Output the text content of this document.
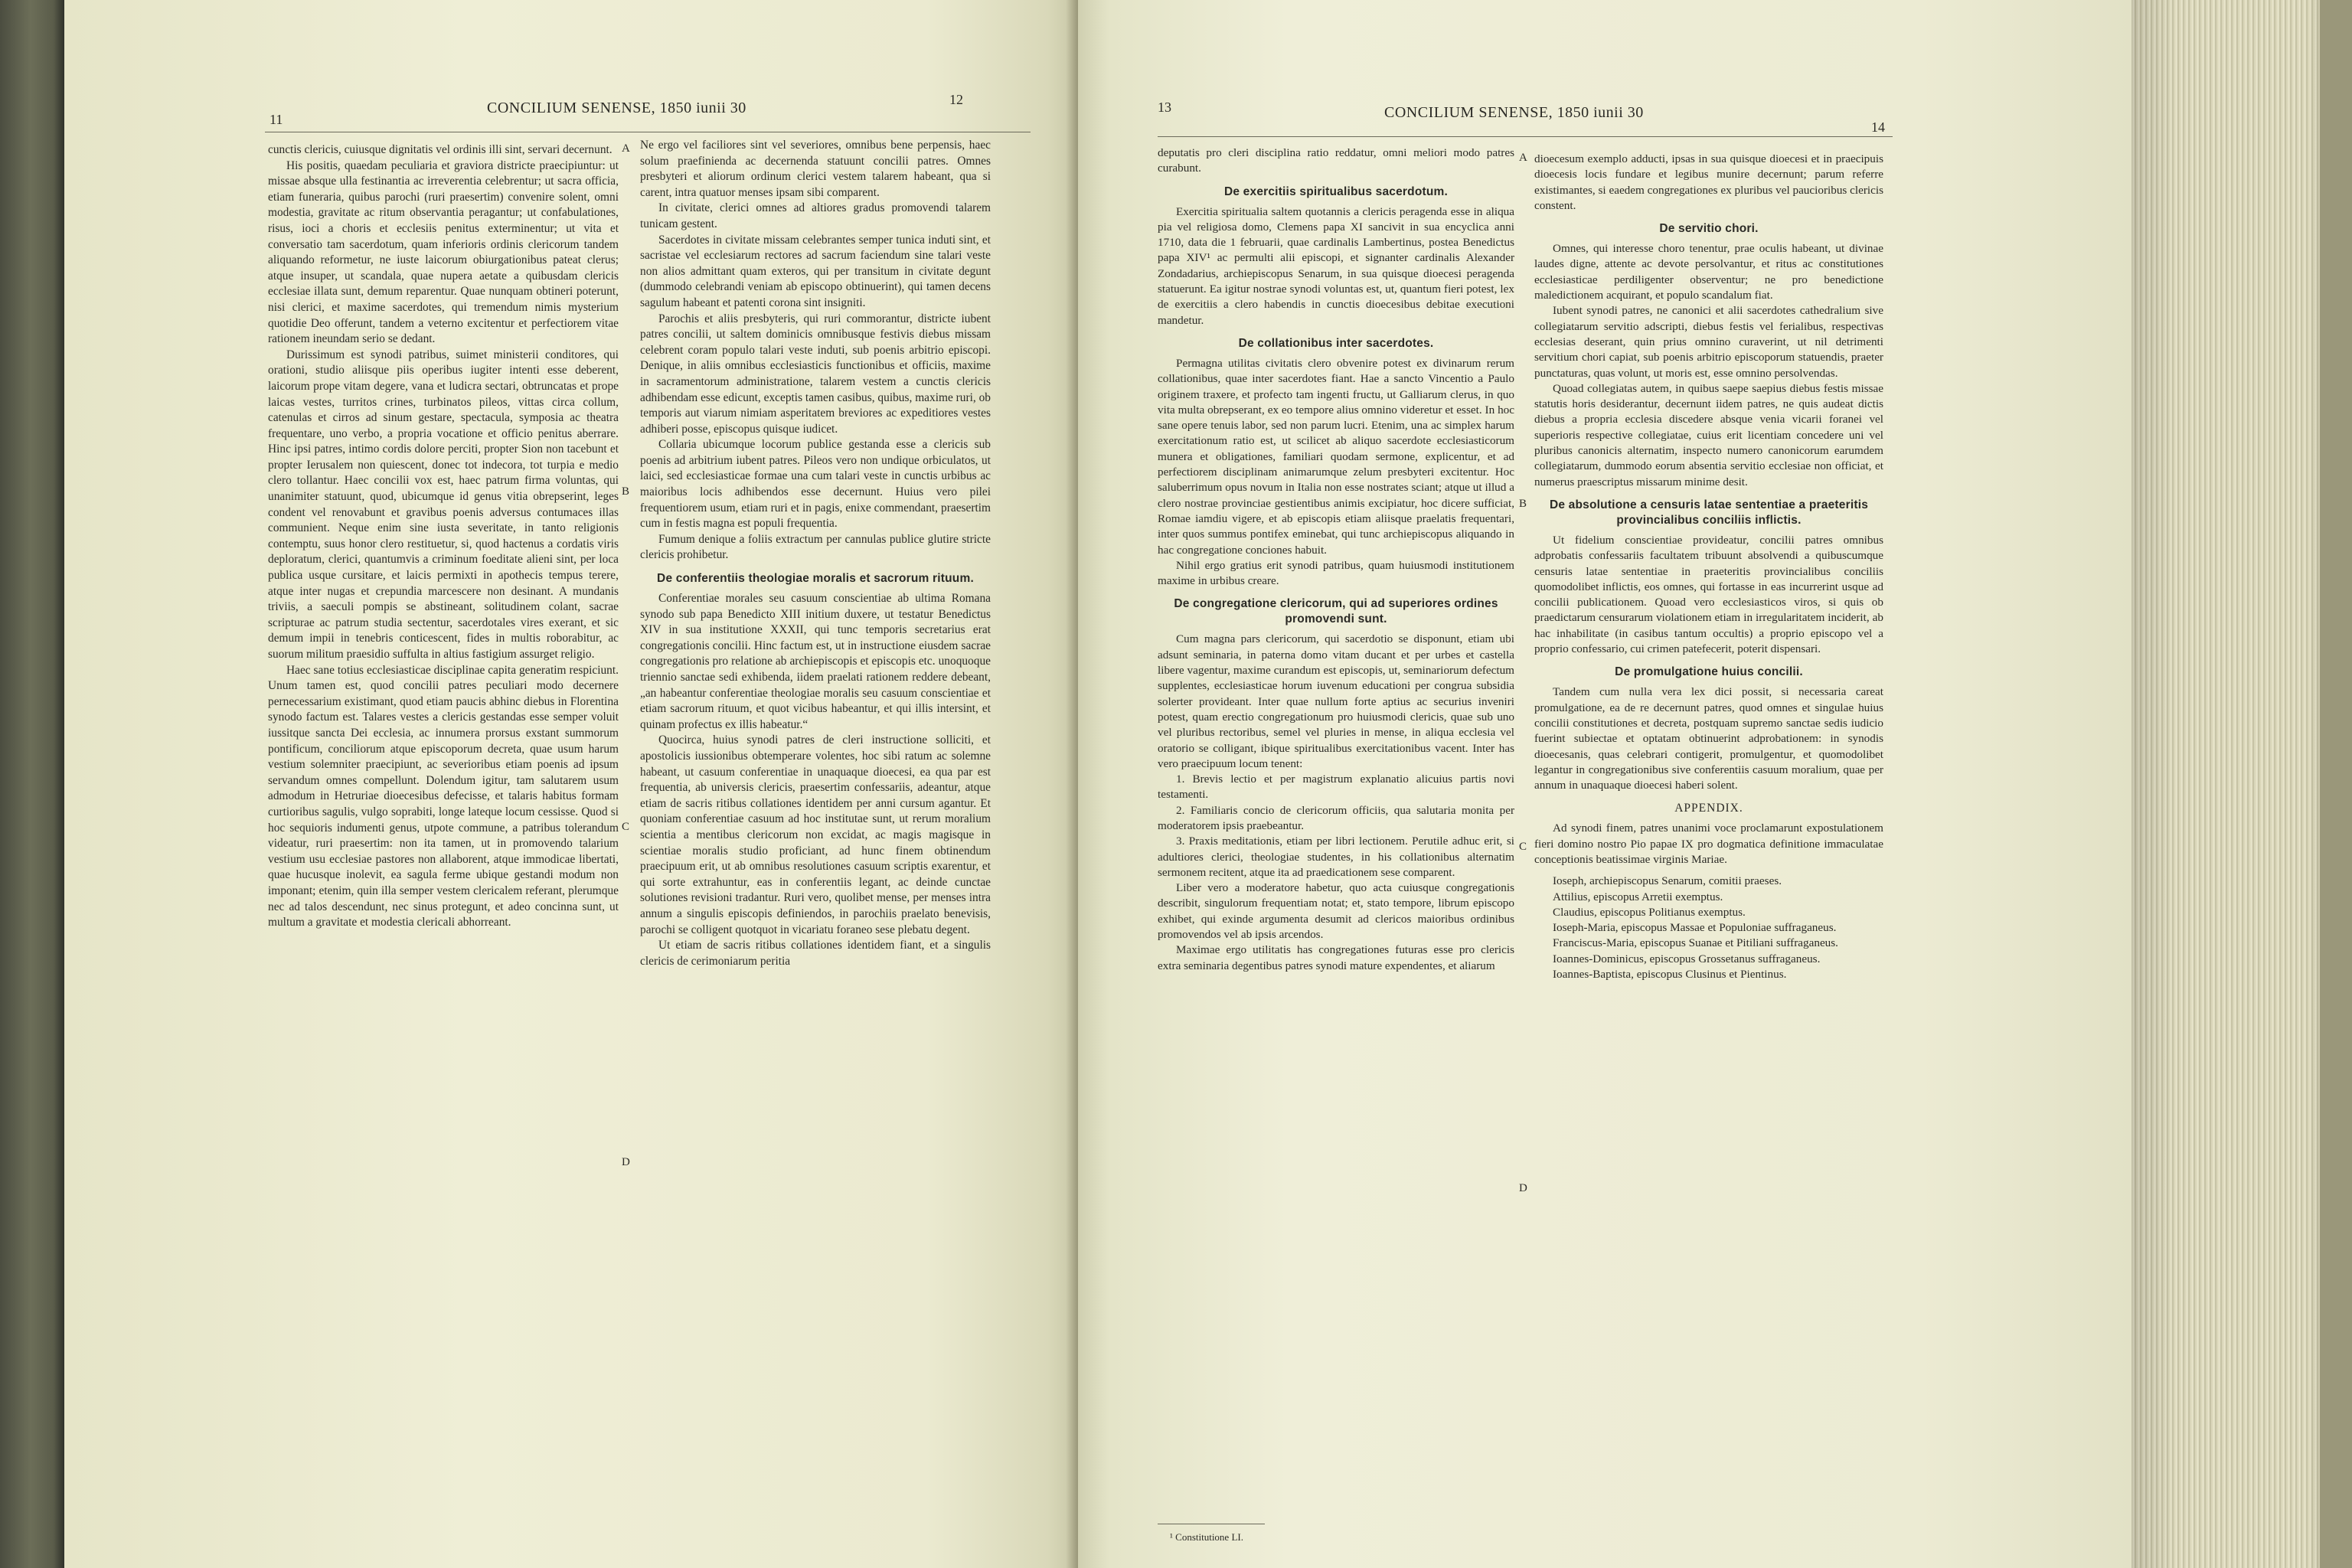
11
CONCILIUM SENENSE, 1850 iunii 30	12
A
B
C
D

cunctis clericis, cuiusque dignitatis vel ordinis illi sint, servari decernunt.

His positis, quaedam peculiaria et graviora districte praecipiuntur: ut missae absque ulla festinantia ac irreverentia celebrentur; ut sacra officia, etiam funeraria, quibus parochi (ruri praesertim) convenire solent, omni modestia, gravitate ac ritum observantia peragantur; ut confabulationes, risus, ioci a choris et ecclesiis penitus exterminentur; ut vita et conversatio tam sacerdotum, quam inferioris ordinis clericorum tandem aliquando reformetur, ne iuste laicorum obiurgationibus pateat clerus; atque insuper, ut scandala, quae nupera aetate a quibusdam clericis ecclesiae illata sunt, demum reparentur. Quae nunquam obtineri poterunt, nisi clerici, et maxime sacerdotes, qui tremendum nimis mysterium quotidie Deo offerunt, tandem a veterno excitentur et perfectiorem vitae rationem ineundam serio se dedant.

Durissimum est synodi patribus, suimet ministerii conditores, qui orationi, studio aliisque piis operibus iugiter intenti esse deberent, laicorum prope vitam degere, vana et ludicra sectari, obtruncatas et prope laicas vestes, turritos crines, turbinatos pileos, vittas circa collum, catenulas et cirros ad sinum gestare, spectacula, symposia ac theatra frequentare, uno verbo, a propria vocatione et officio penitus aberrare. Hinc ipsi patres, intimo cordis dolore perciti, propter Sion non tacebunt et propter Ierusalem non quiescent, donec tot indecora, tot turpia e medio clero tollantur. Haec concilii vox est, haec patrum firma voluntas, qui unanimiter statuunt, quod, ubicumque id genus vitia obrepserint, leges condent vel renovabunt et gravibus poenis adversus contumaces illas communient. Neque enim sine iusta severitate, in tanto religionis contemptu, suus honor clero restituetur, si, quod hactenus a cordatis viris deploratum, clerici, quantumvis a criminum foeditate alieni sint, per loca publica usque cursitare, et laicis permixti in apothecis tempus terere, atque inter nugas et crepundia marcescere non desinant. A mundanis triviis, a saeculi pompis se abstineant, solitudinem colant, sacrae scripturae ac patrum studia sectentur, sacerdotales vires exerant, et sic demum impii in tenebris conticescent, fides in multis roborabitur, ac suorum militum praesidio suffulta in altius fastigium assurget religio.

Haec sane totius ecclesiasticae disciplinae capita generatim respiciunt. Unum tamen est, quod concilii patres peculiari modo decernere pernecessarium existimant, quod etiam paucis abhinc diebus in Florentina synodo factum est. Talares vestes a clericis gestandas esse semper voluit iussitque sancta Dei ecclesia, ac innumera prorsus exstant summorum pontificum, conciliorum atque episcoporum decreta, quae usum harum vestium solemniter praecipiunt, ac severioribus etiam poenis ad ipsum servandum omnes compellunt. Dolendum igitur, tam salutarem usum admodum in Hetruriae dioecesibus defecisse, et talaris habitus formam curtioribus sagulis, vulgo soprabiti, longe lateque locum cessisse. Quod si hoc sequioris indumenti genus, utpote commune, a patribus tolerandum videatur, ruri praesertim: non ita tamen, ut in promovendo talarium vestium usu ecclesiae pastores non allaborent, atque immodicae libertati, quae hucusque inolevit, ea sagula ferme ubique gestandi modum non imponant; etenim, quin illa semper vestem clericalem referant, plerumque nec ad talos descendunt, nec sinus protegunt, et adeo concinna sunt, ut multum a gravitate et modestia clericali abhorreant.

Ne ergo vel faciliores sint vel severiores, omnibus bene perpensis, haec solum praefinienda ac decernenda statuunt concilii patres. Omnes presbyteri et aliorum ordinum clerici vestem talarem habeant, qua si carent, intra quatuor menses ipsam sibi comparent.

In civitate, clerici omnes ad altiores gradus promovendi talarem tunicam gestent.

Sacerdotes in civitate missam celebrantes semper tunica induti sint, et sacristae vel ecclesiarum rectores ad sacrum faciendum sine talari veste non alios admittant quam exteros, qui per transitum in civitate degunt (dummodo celebrandi veniam ab episcopo obtinuerint), qui tamen decens sagulum habeant et patenti corona sint insigniti.

Parochis et aliis presbyteris, qui ruri commorantur, districte iubent patres concilii, ut saltem dominicis omnibusque festivis diebus missam celebrent coram populo talari veste induti, sub poenis arbitrio episcopi. Denique, in aliis omnibus ecclesiasticis functionibus et officiis, maxime in sacramentorum administratione, talarem vestem a cunctis clericis adhibendam esse edicunt, exceptis tamen casibus, quibus, maxime ruri, ob temporis aut viarum nimiam asperitatem breviores ac expeditiores vestes adhiberi posse, episcopus quisque iudicet.

Collaria ubicumque locorum publice gestanda esse a clericis sub poenis ad arbitrium iubent patres. Pileos vero non undique orbiculatos, ut laici, sed ecclesiasticae formae una cum talari veste in cunctis urbibus ac maioribus locis adhibendos esse decernunt. Huius vero pilei frequentiorem usum, etiam ruri et in pagis, enixe commendant, praesertim cum in festis magna est populi frequentia.

Fumum denique a foliis extractum per cannulas publice glutire stricte clericis prohibetur.

De conferentiis theologiae moralis et sacrorum rituum.

Conferentiae morales seu casuum conscientiae ab ultima Romana synodo sub papa Benedicto XIII initium duxere, ut testatur Benedictus XIV in sua institutione XXXII, qui tunc temporis secretarius erat congregationis concilii. Hinc factum est, ut in instructione eiusdem sacrae congregationis pro relatione ab archiepiscopis et episcopis etc. unoquoque triennio sanctae sedi exhibenda, iidem praelati rationem reddere debeant, „an habeantur conferentiae theologiae moralis seu casuum conscientiae et etiam sacrorum rituum, et quot vicibus habeantur, et qui illis intersint, et quinam profectus ex illis habeatur.“

Quocirca, huius synodi patres de cleri instructione solliciti, et apostolicis iussionibus obtemperare volentes, hoc sibi ratum ac solemne habeant, ut casuum conferentiae in unaquaque dioecesi, ea qua par est frequentia, ab universis clericis, praesertim confessariis, adeantur, atque etiam de sacris ritibus collationes identidem per anni cursum agantur. Et quoniam conferentiae casuum ad hoc institutae sunt, ut rerum moralium scientia a mentibus clericorum non excidat, ac magis magisque in scientiae moralis studio proficiant, ad hunc finem obtinendum praecipuum erit, ut ab omnibus resolutiones casuum scriptis exarentur, et qui sorte extrahuntur, eas in conferentiis legant, ac deinde cunctae solutiones revisioni tradantur. Ruri vero, quolibet mense, per menses intra annum a singulis episcopis definiendos, in parochiis praelato benevisis, parochi se colligent quotquot in vicariatu foraneo sese plebatu degent.

Ut etiam de sacris ritibus collationes identidem fiant, et a singulis clericis de cerimoniarum peritia

13	CONCILIUM SENENSE, 1850 iunii 30
14
A
B
C
D

deputatis pro cleri disciplina ratio reddatur, omni meliori modo patres curabunt.

De exercitiis spiritualibus sacerdotum.

Exercitia spiritualia saltem quotannis a clericis peragenda esse in aliqua pia vel religiosa domo, Clemens papa XI sancivit in sua encyclica anni 1710, data die 1 februarii, quae cardinalis Lambertinus, postea Benedictus papa XIV¹ ac permulti alii episcopi, et signanter cardinalis Alexander Zondadarius, archiepiscopus Senarum, in sua quisque dioecesi peragenda statuerunt. Ea igitur nostrae synodi voluntas est, ut, quantum fieri potest, lex de exercitiis a clero habendis in cunctis dioecesibus debitae executioni mandetur.

De collationibus inter sacerdotes.

Permagna utilitas civitatis clero obvenire potest ex divinarum rerum collationibus, quae inter sacerdotes fiant. Hae a sancto Vincentio a Paulo originem traxere, et profecto tam ingenti fructu, ut Galliarum clerus, in quo vita multa obrepserant, ex eo tempore alius omnino videretur et esset. In hoc sane opere tenuis labor, sed non parum lucri. Etenim, una ac simplex harum exercitationum ratio est, ut scilicet ab aliquo sacerdote ecclesiasticorum munera et obligationes, familiari quodam sermone, explicentur, et ad perfectiorem disciplinam animarumque zelum presbyteri excitentur. Hoc saluberrimum opus novum in Italia non esse nostrates sciant; atque ut illud a clero nostrae provinciae gestientibus animis excipiatur, hoc dicere sufficiat, Romae iamdiu vigere, et ab episcopis etiam aliisque praelatis frequentari, inter quos summus pontifex eminebat, qui tunc archiepiscopus aliquando in hac congregatione conciones habuit.

Nihil ergo gratius erit synodi patribus, quam huiusmodi institutionem maxime in urbibus creare.

De congregatione clericorum, qui ad superiores ordines promovendi sunt.

Cum magna pars clericorum, qui sacerdotio se disponunt, etiam ubi adsunt seminaria, in paterna domo vitam ducant et per urbes et castella libere vagentur, maxime curandum est episcopis, ut, seminariorum defectum supplentes, ecclesiasticae horum iuvenum educationi per congrua subsidia solerter provideant. Inter quae nullum forte aptius ac securius inveniri potest, quam erectio congregationum pro huiusmodi clericis, quae sub uno vel pluribus rectoribus, semel vel pluries in mense, in aliqua ecclesia vel oratorio se colligant, ibique spiritualibus exercitationibus vacent. Inter has vero praecipuum locum tenent:

1. Brevis lectio et per magistrum explanatio alicuius partis novi testamenti.

2. Familiaris concio de clericorum officiis, qua salutaria monita per moderatorem ipsis praebeantur.

3. Praxis meditationis, etiam per libri lectionem. Perutile adhuc erit, si adultiores clerici, theologiae studentes, in his collationibus alternatim sermonem recitent, atque ita ad praedicationem sese comparent.

Liber vero a moderatore habetur, quo acta cuiusque congregationis describit, singulorum frequentiam notat; et, stato tempore, librum episcopo exhibet, qui exinde argumenta desumit ad clericos maioribus ordinibus promovendos vel ab ipsis arcendos.

Maximae ergo utilitatis has congregationes futuras esse pro clericis extra seminaria degentibus patres synodi mature expendentes, et aliarum

¹ Constitutione LI.

dioecesum exemplo adducti, ipsas in sua quisque dioecesi et in praecipuis dioecesis locis fundare et legibus munire decernunt; parum referre existimantes, si eaedem congregationes ex pluribus vel paucioribus clericis constent.

De servitio chori.

Omnes, qui interesse choro tenentur, prae oculis habeant, ut divinae laudes digne, attente ac devote persolvantur, et ritus ac constitutiones ecclesiasticae perdiligenter observentur; ne pro benedictione maledictionem acquirant, et populo scandalum fiat.

Iubent synodi patres, ne canonici et alii sacerdotes cathedralium sive collegiatarum servitio adscripti, diebus festis vel ferialibus, respectivas ecclesias deserant, quin prius omnino curaverint, ut nil detrimenti servitium chori capiat, sub poenis arbitrio episcoporum statuendis, praeter punctaturas, quas volunt, ut moris est, esse omnino persolvendas.

Quoad collegiatas autem, in quibus saepe saepius diebus festis missae statutis horis desiderantur, decernunt iidem patres, ne quis audeat dictis diebus a propria ecclesia discedere absque venia vicarii foranei vel superioris respective collegiatae, cuius erit licentiam concedere uni vel pluribus canonicis alternatim, inspecto numero canonicorum earumdem collegiatarum, dummodo eorum absentia servitio ecclesiae non officiat, et numerus praescriptus missarum minime desit.

De absolutione a censuris latae sententiae a praeteritis provincialibus conciliis inflictis.

Ut fidelium conscientiae provideatur, concilii patres omnibus adprobatis confessariis facultatem tribuunt absolvendi a quibuscumque censuris latae sententiae in praeteritis provincialibus conciliis quomodolibet inflictis, eos omnes, qui fortasse in eas incurrerint usque ad concilii publicationem. Quoad vero ecclesiasticos viros, si quis ob praedictarum censurarum violationem etiam in irregularitatem inciderit, ab hac inhabilitate (in casibus tantum occultis) a proprio episcopo vel a proprio confessario, cui crimen patefecerit, poterit dispensari.

De promulgatione huius concilii.

Tandem cum nulla vera lex dici possit, si necessaria careat promulgatione, ea de re decernunt patres, quod omnes et singulae huius concilii constitutiones et decreta, postquam supremo sanctae sedis iudicio fuerint subiectae et optatam obtinuerint adprobationem: in synodis dioecesanis, quas celebrari contigerit, promulgentur, et quomodolibet legantur in congregationibus sive conferentiis casuum moralium, quae per annum in unaquaque dioecesi haberi solent.

APPENDIX.

Ad synodi finem, patres unanimi voce proclamarunt expostulationem fieri domino nostro Pio papae IX pro dogmatica definitione immaculatae conceptionis beatissimae virginis Mariae.

Ioseph, archiepiscopus Senarum, comitii praeses.

Attilius, episcopus Arretii exemptus.

Claudius, episcopus Politianus exemptus.

Ioseph-Maria, episcopus Massae et Populoniae suffraganeus.

Franciscus-Maria, episcopus Suanae et Pitiliani suffraganeus.

Ioannes-Dominicus, episcopus Grossetanus suffraganeus.

Ioannes-Baptista, episcopus Clusinus et Pientinus.
